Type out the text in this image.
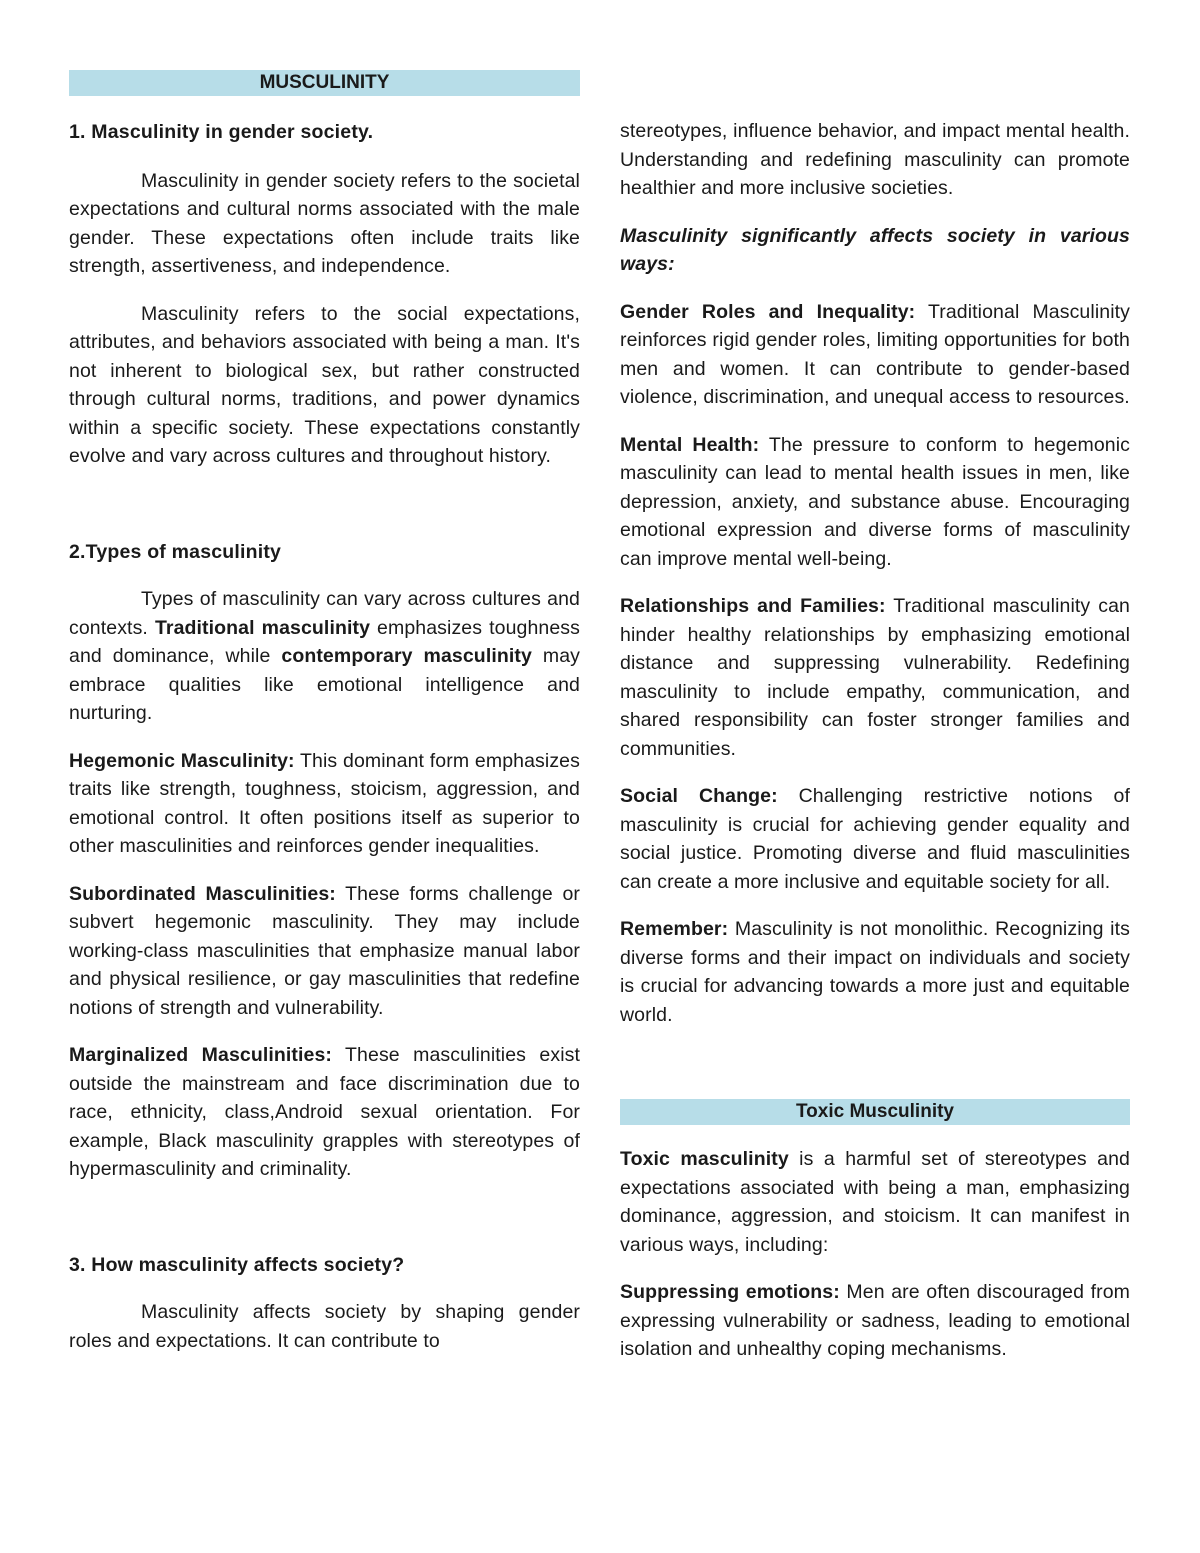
MUSCULINITY
1. Masculinity in gender society.

Masculinity in gender society refers to the societal expectations and cultural norms associated with the male gender. These expectations often include traits like strength, assertiveness, and independence.

Masculinity refers to the social expectations, attributes, and behaviors associated with being a man. It's not inherent to biological sex, but rather constructed through cultural norms, traditions, and power dynamics within a specific society. These expectations constantly evolve and vary across cultures and throughout history.

2.Types of masculinity

Types of masculinity can vary across cultures and contexts. Traditional masculinity emphasizes toughness and dominance, while contemporary masculinity may embrace qualities like emotional intelligence and nurturing.

Hegemonic Masculinity: This dominant form emphasizes traits like strength, toughness, stoicism, aggression, and emotional control. It often positions itself as superior to other masculinities and reinforces gender inequalities.

Subordinated Masculinities: These forms challenge or subvert hegemonic masculinity. They may include working-class masculinities that emphasize manual labor and physical resilience, or gay masculinities that redefine notions of strength and vulnerability.

Marginalized Masculinities: These masculinities exist outside the mainstream and face discrimination due to race, ethnicity, class,Android sexual orientation. For example, Black masculinity grapples with stereotypes of hypermasculinity and criminality.

3. How masculinity affects society?

Masculinity affects society by shaping gender roles and expectations. It can contribute to

stereotypes, influence behavior, and impact mental health. Understanding and redefining masculinity can promote healthier and more inclusive societies.

Masculinity significantly affects society in various ways:

Gender Roles and Inequality: Traditional Masculinity reinforces rigid gender roles, limiting opportunities for both men and women. It can contribute to gender-based violence, discrimination, and unequal access to resources.

Mental Health: The pressure to conform to hegemonic masculinity can lead to mental health issues in men, like depression, anxiety, and substance abuse. Encouraging emotional expression and diverse forms of masculinity can improve mental well-being.

Relationships and Families: Traditional masculinity can hinder healthy relationships by emphasizing emotional distance and suppressing vulnerability. Redefining masculinity to include empathy, communication, and shared responsibility can foster stronger families and communities.

Social Change: Challenging restrictive notions of masculinity is crucial for achieving gender equality and social justice. Promoting diverse and fluid masculinities can create a more inclusive and equitable society for all.

Remember: Masculinity is not monolithic. Recognizing its diverse forms and their impact on individuals and society is crucial for advancing towards a more just and equitable world.

Toxic Musculinity

Toxic masculinity is a harmful set of stereotypes and expectations associated with being a man, emphasizing dominance, aggression, and stoicism. It can manifest in various ways, including:

Suppressing emotions: Men are often discouraged from expressing vulnerability or sadness, leading to emotional isolation and unhealthy coping mechanisms.
